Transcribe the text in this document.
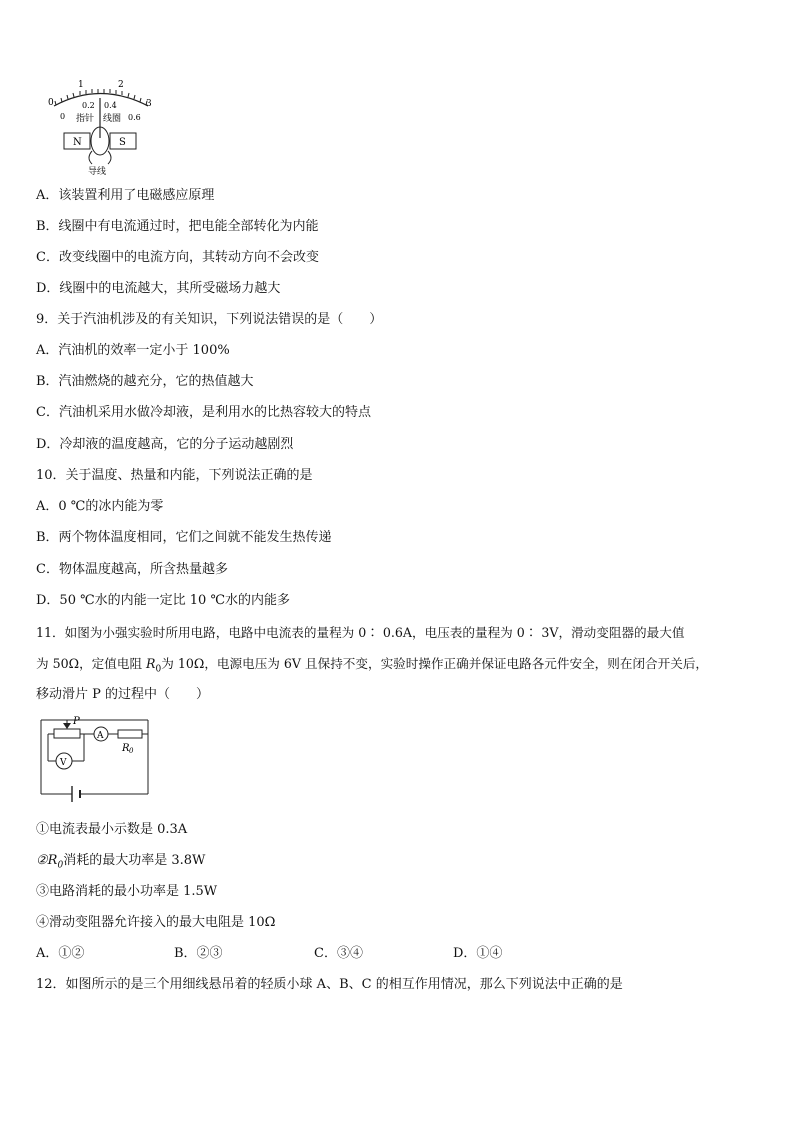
0
1	2
3
0
0.2 0.4
0.6
指针 线圈
N	S
导线
A．该装置利用了电磁感应原理
B．线圈中有电流通过时，把电能全部转化为内能
C．改变线圈中的电流方向，其转动方向不会改变
D．线圈中的电流越大，其所受磁场力越大
9．关于汽油机涉及的有关知识，下列说法错误的是（　　）
A．汽油机的效率一定小于 100%
B．汽油燃烧的越充分，它的热值越大
C．汽油机采用水做冷却液，是利用水的比热容较大的特点
D．冷却液的温度越高，它的分子运动越剧烈
10．关于温度、热量和内能，下列说法正确的是
A．0 ℃的冰内能为零
B．两个物体温度相同，它们之间就不能发生热传递
C．物体温度越高，所含热量越多
D．50 ℃水的内能一定比 10 ℃水的内能多
11．如图为小强实验时所用电路，电路中电流表的量程为 0∶ 0.6A，电压表的量程为 0∶ 3V，滑动变阻器的最大值
为 50Ω，定值电阻 $R_0$为 10Ω，电源电压为 6V 且保持不变，实验时操作正确并保证电路各元件安全，则在闭合开关后，
移动滑片 P 的过程中（　　）
P
A
V
R 0
①电流表最小示数是 0.3A
$②R_0$消耗的最大功率是 3.8W
③电路消耗的最小功率是 1.5W
④滑动变阻器允许接入的最大电阻是 10Ω
A．①②	B．②③	C．③④	D．①④
12．如图所示的是三个用细线悬吊着的轻质小球 A、B、C 的相互作用情况，那么下列说法中正确的是
